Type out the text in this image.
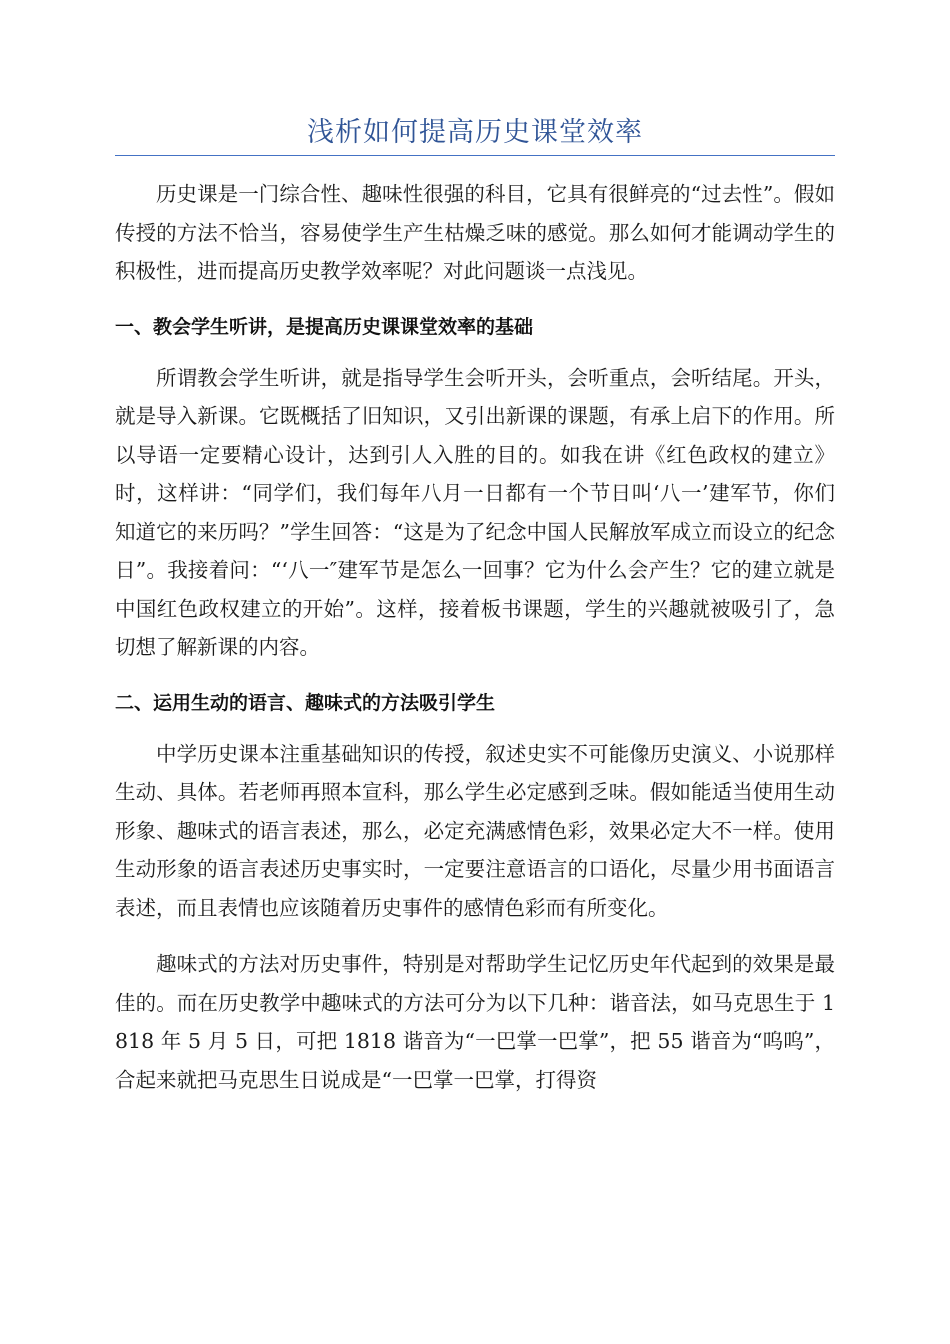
浅析如何提高历史课堂效率

历史课是一门综合性、趣味性很强的科目，它具有很鲜亮的“过去性”。假如传授的方法不恰当，容易使学生产生枯燥乏味的感觉。那么如何才能调动学生的积极性，进而提高历史教学效率呢？对此问题谈一点浅见。

一、教会学生听讲，是提高历史课课堂效率的基础

所谓教会学生听讲，就是指导学生会听开头，会听重点，会听结尾。开头，就是导入新课。它既概括了旧知识，又引出新课的课题，有承上启下的作用。所以导语一定要精心设计，达到引人入胜的目的。如我在讲《红色政权的建立》时，这样讲：“同学们，我们每年八月一日都有一个节日叫‘八一’建军节，你们知道它的来历吗？”学生回答：“这是为了纪念中国人民解放军成立而设立的纪念日”。我接着问：“‘八一″建军节是怎么一回事？它为什么会产生？它的建立就是中国红色政权建立的开始”。这样，接着板书课题，学生的兴趣就被吸引了，急切想了解新课的内容。

二、运用生动的语言、趣味式的方法吸引学生

中学历史课本注重基础知识的传授，叙述史实不可能像历史演义、小说那样生动、具体。若老师再照本宣科，那么学生必定感到乏味。假如能适当使用生动形象、趣味式的语言表述，那么，必定充满感情色彩，效果必定大不一样。使用生动形象的语言表述历史事实时，一定要注意语言的口语化，尽量少用书面语言表述，而且表情也应该随着历史事件的感情色彩而有所变化。

趣味式的方法对历史事件，特别是对帮助学生记忆历史年代起到的效果是最佳的。而在历史教学中趣味式的方法可分为以下几种：谐音法，如马克思生于 1818 年 5 月 5 日，可把 1818 谐音为“一巴掌一巴掌”，把 55 谐音为“呜呜”，合起来就把马克思生日说成是“一巴掌一巴掌，打得资
